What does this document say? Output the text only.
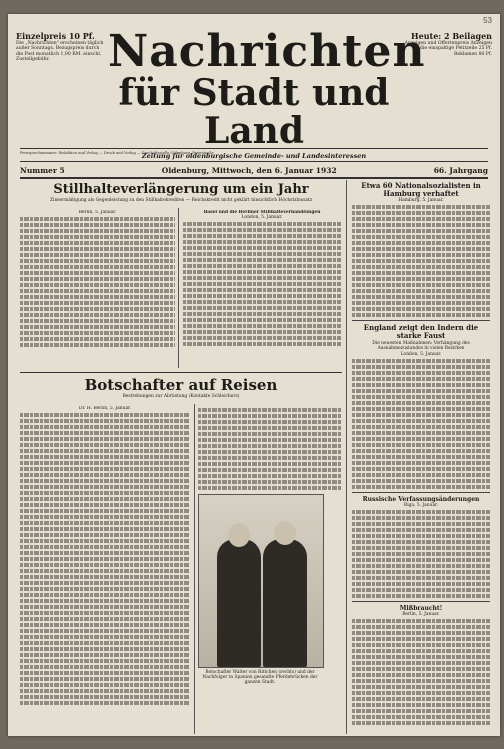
53
Einzelpreis 10 Pf.
Die „Nachrichten" erscheinen täglich außer Sonntags. Bezugspreis durch die Post monatlich 1,90 RM. einschl. Zustellgebühr.	Nachrichten
für Stadt und Land
Zeitung für oldenburgische Gemeinde- und Landesinteressen
Heute: 2 Beilagen
Anzeigen und Offertenpreis Anzeigen die einspaltige Petitzeile 25 Pf. Reklamen 80 Pf.
Fernsprechnummer: Redaktion und Verlag — Druck und Verlag — Geschäftsstelle Oldenburg, Peterstraße
Nummer 5	Oldenburg, Mittwoch, den 6. Januar 1932	66. Jahrgang
Stillhalteverlängerung um ein Jahr
Zinsermäßigung als Gegenleistung zu den Stillhaltekrediten — Reichskredit nicht geklärt hinsichtlich Höchstzinssatz
Berlin, 5. Januar.	Basel und die Berliner Stillhalteverhandlungen
London, 5. Januar.
Etwa 60 Nationalsozialisten in Hamburg verhaftet
Hamburg, 5. Januar.
England zeigt den Indern die starke Faust
Die neuesten Maßnahmen: Verhängung des Ausnahmezustandes in vielen Bezirken
London, 5. Januar.
Russische Verfassungsänderungen
Riga, 5. Januar.
Mißbraucht!
Berlin, 5. Januar.
Botschafter auf Reisen
Bestrebungen zur Abrüstung (Kontakte Schleichers)
Dr. H. Berlin, 5. Januar.
Botschafter Walter von Rittchen (rechts) und der Nachfolger in Spanien gesandte Pferdebrücken der ganzen Stadt.
